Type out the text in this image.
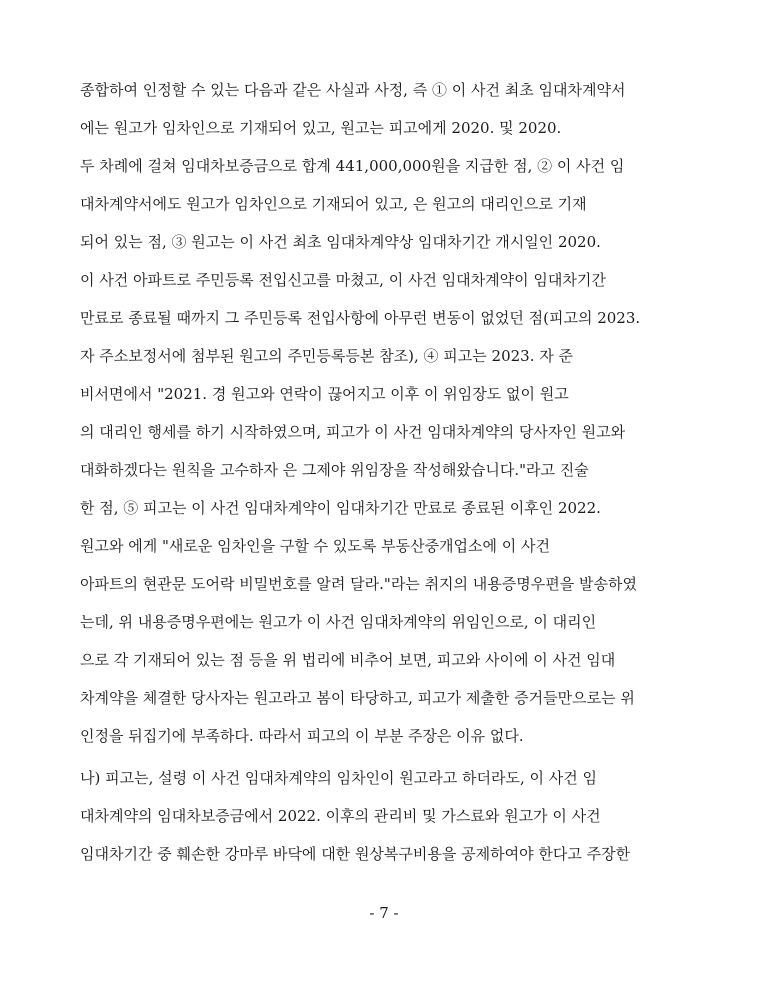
종합하여 인정할 수 있는 다음과 같은 사실과 사정, 즉 ① 이 사건 최초 임대차계약서
에는 원고가 임차인으로 기재되어 있고, 원고는 피고에게 2020. 및 2020.
두 차례에 걸쳐 임대차보증금으로 합계 441,000,000원을 지급한 점, ② 이 사건 임
대차계약서에도 원고가 임차인으로 기재되어 있고, 은 원고의 대리인으로 기재
되어 있는 점, ③ 원고는 이 사건 최초 임대차계약상 임대차기간 개시일인 2020.
이 사건 아파트로 주민등록 전입신고를 마쳤고, 이 사건 임대차계약이 임대차기간
만료로 종료될 때까지 그 주민등록 전입사항에 아무런 변동이 없었던 점(피고의 2023.
자 주소보정서에 첨부된 원고의 주민등록등본 참조), ④ 피고는 2023. 자 준
비서면에서 "2021. 경 원고와 연락이 끊어지고 이후 이 위임장도 없이 원고
의 대리인 행세를 하기 시작하였으며, 피고가 이 사건 임대차계약의 당사자인 원고와
대화하겠다는 원칙을 고수하자 은 그제야 위임장을 작성해왔습니다."라고 진술
한 점, ⑤ 피고는 이 사건 임대차계약이 임대차기간 만료로 종료된 이후인 2022.
원고와 에게 "새로운 임차인을 구할 수 있도록 부동산중개업소에 이 사건
아파트의 현관문 도어락 비밀번호를 알려 달라."라는 취지의 내용증명우편을 발송하였
는데, 위 내용증명우편에는 원고가 이 사건 임대차계약의 위임인으로, 이 대리인
으로 각 기재되어 있는 점 등을 위 법리에 비추어 보면, 피고와 사이에 이 사건 임대
차계약을 체결한 당사자는 원고라고 봄이 타당하고, 피고가 제출한 증거들만으로는 위
인정을 뒤집기에 부족하다. 따라서 피고의 이 부분 주장은 이유 없다.
나) 피고는, 설령 이 사건 임대차계약의 임차인이 원고라고 하더라도, 이 사건 임
대차계약의 임대차보증금에서 2022. 이후의 관리비 및 가스료와 원고가 이 사건
임대차기간 중 훼손한 강마루 바닥에 대한 원상복구비용을 공제하여야 한다고 주장한
- 7 -
